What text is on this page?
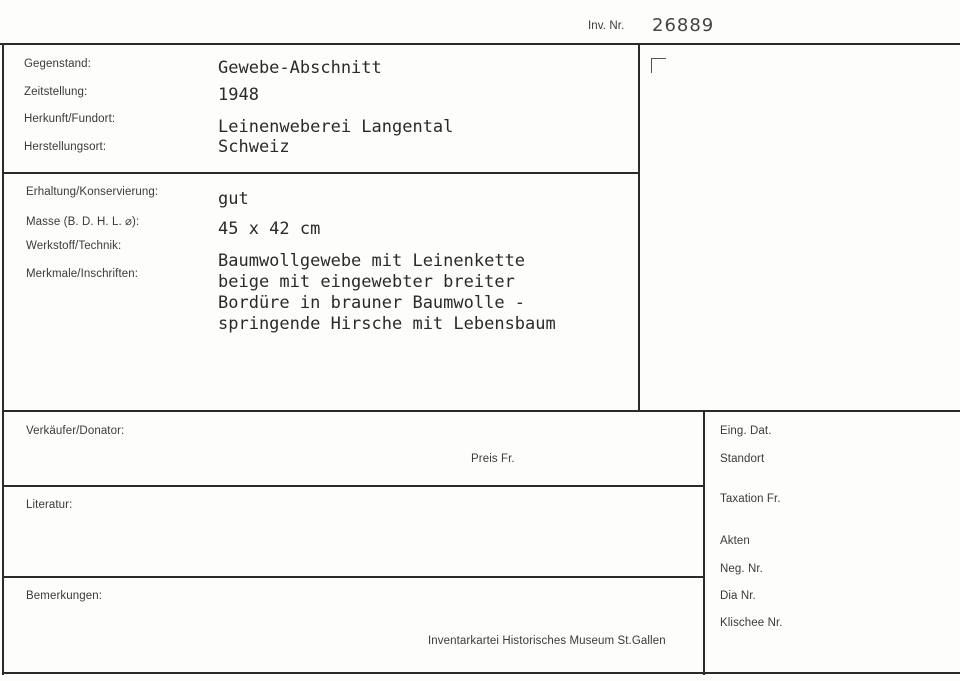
Inv. Nr. 26889
Gegenstand:
Zeitstellung:
Herkunft/Fundort:
Herstellungsort:
Gewebe-Abschnitt
1948
Leinenweberei Langental
Schweiz
Erhaltung/Konservierung:
Masse (B. D. H. L. ⌀):
Werkstoff/Technik:
Merkmale/Inschriften:
gut
45 x 42 cm
Baumwollgewebe mit Leinenkette
beige mit eingewebter breiter
Bordüre in brauner Baumwolle -
springende Hirsche mit Lebensbaum
Verkäufer/Donator:
Preis Fr.
Literatur:
Bemerkungen:
Inventarkartei Historisches Museum St.Gallen
Eing. Dat.
Standort
Taxation Fr.
Akten
Neg. Nr.
Dia Nr.
Klischee Nr.
